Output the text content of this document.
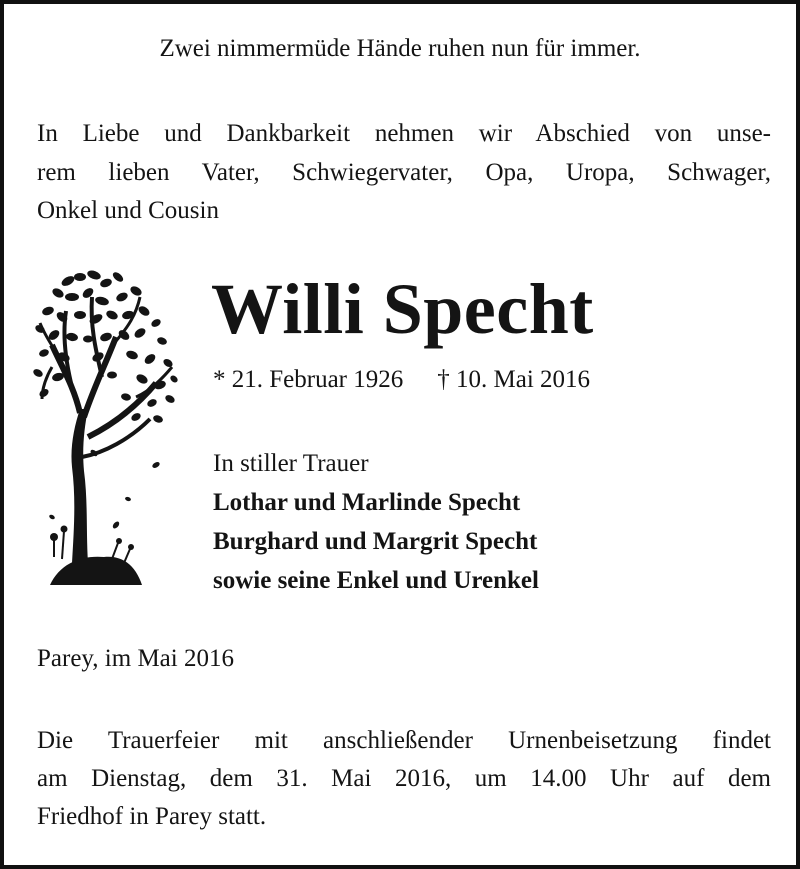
Zwei nimmermüde Hände ruhen nun für immer.
In Liebe und Dankbarkeit nehmen wir Abschied von unse-
rem lieben Vater, Schwiegervater, Opa, Uropa, Schwager,
Onkel und Cousin
Willi Specht
* 21. Februar 1926 † 10. Mai 2016
In stiller Trauer
Lothar und Marlinde Specht
Burghard und Margrit Specht
sowie seine Enkel und Urenkel
Parey, im Mai 2016
Die Trauerfeier mit anschließender Urnenbeisetzung findet
am Dienstag, dem 31. Mai 2016, um 14.00 Uhr auf dem
Friedhof in Parey statt.
